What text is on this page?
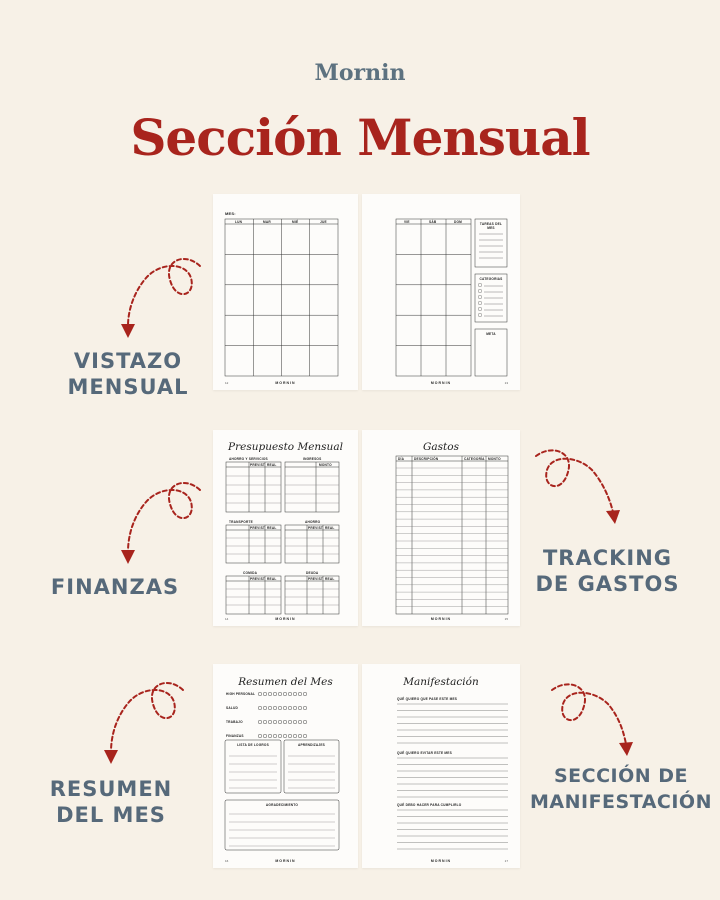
Mornin
Sección Mensual
MES:
LUN	MAR	MIÉ	JUE
12	MORNIN
VIE	SÁB	DOM	TAREAS DEL MES
CATEGORIAS
META
13
MORNIN
Presupuesto Mensual
AHORRO Y SERVICIOS	INGRESOS
TRANSPORTE	AHORRO
COMIDA	DEUDA
PREVIST REAL	MONTO
PREVIST REAL	PREVIST REAL
PREVIST REAL	PREVIST REAL
14	MORNIN
Gastos
DÍA	DESCRIPCIÓN	CATEGORÍA MONTO
15
MORNIN
Resumen del Mes
HIGH PERSONAL
SALUD
TRABAJO
FINANZAS
LISTA DE LOGROS	APRENDIZAJES
AGRADECIMIENTO
16	MORNIN
Manifestación
QUÉ QUIERO QUE PASE ESTE MES
QUÉ QUIERO EVITAR ESTE MES
QUÉ DEBO HACER PARA CUMPLIRLO
17
MORNIN
VISTAZO
MENSUAL
FINANZAS
TRACKING
DE GASTOS
RESUMEN
DEL MES
SECCIÓN DE
MANIFESTACIÓN
